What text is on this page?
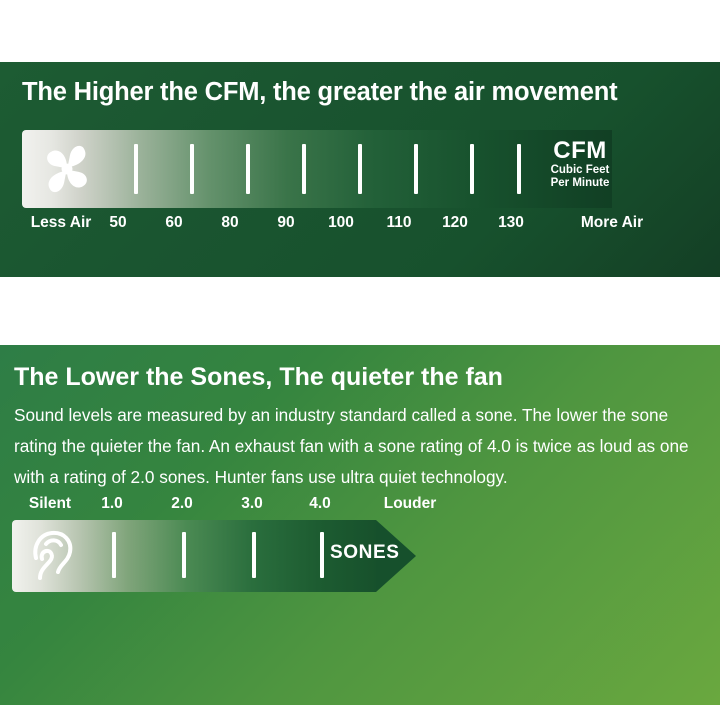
The Higher the CFM, the greater the air movement
CFM
Cubic Feet
Per Minute
Less Air	50	60	80	90	100	110	120	130	More Air
The Lower the Sones, The quieter the fan
Sound levels are measured by an industry standard called a sone. The lower the sone rating the quieter the fan. An exhaust fan with a sone rating of 4.0 is twice as loud as one with a rating of 2.0 sones. Hunter fans use ultra quiet technology.
SONES
Silent	1.0	2.0	3.0	4.0	Louder
